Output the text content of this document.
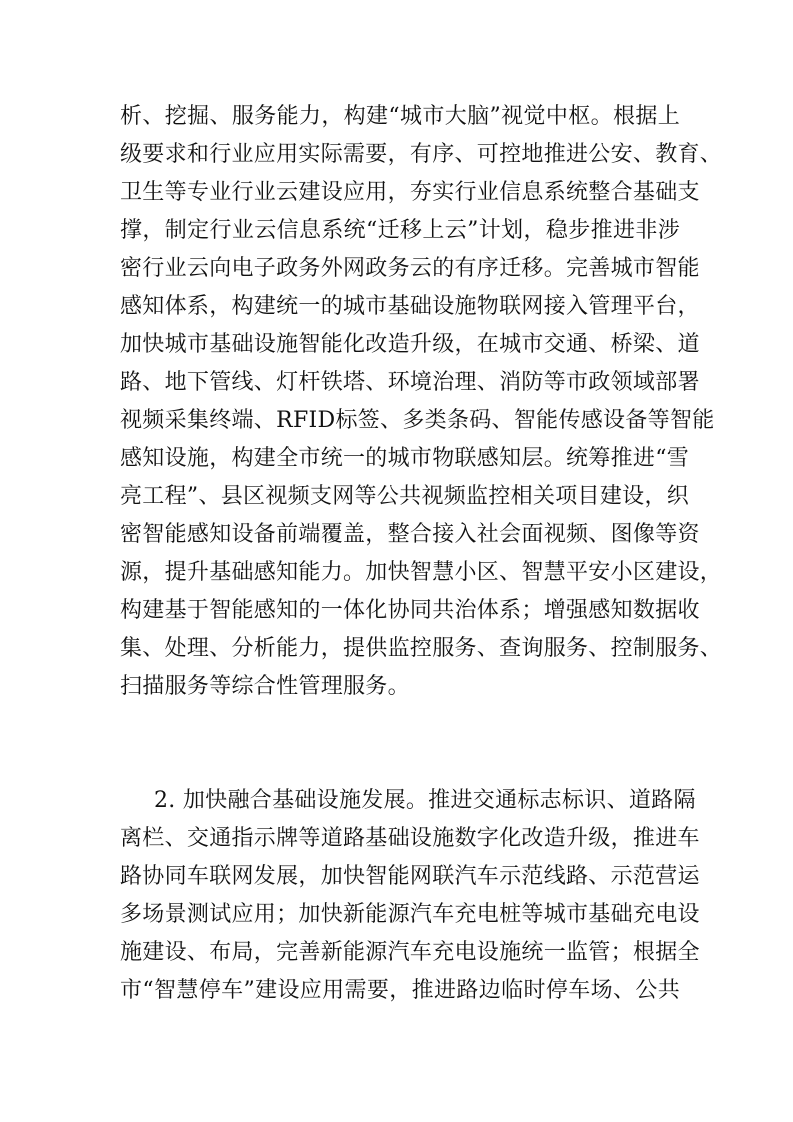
析、挖掘、服务能力，构建“城市大脑”视觉中枢。根据上
级要求和行业应用实际需要，有序、可控地推进公安、教育、
卫生等专业行业云建设应用，夯实行业信息系统整合基础支
撑，制定行业云信息系统“迁移上云”计划，稳步推进非涉
密行业云向电子政务外网政务云的有序迁移。完善城市智能
感知体系，构建统一的城市基础设施物联网接入管理平台，
加快城市基础设施智能化改造升级，在城市交通、桥梁、道
路、地下管线、灯杆铁塔、环境治理、消防等市政领域部署
视频采集终端、RFID标签、多类条码、智能传感设备等智能
感知设施，构建全市统一的城市物联感知层。统筹推进“雪
亮工程”、县区视频支网等公共视频监控相关项目建设，织
密智能感知设备前端覆盖，整合接入社会面视频、图像等资
源，提升基础感知能力。加快智慧小区、智慧平安小区建设，
构建基于智能感知的一体化协同共治体系；增强感知数据收
集、处理、分析能力，提供监控服务、查询服务、控制服务、
扫描服务等综合性管理服务。
2. 加快融合基础设施发展。推进交通标志标识、道路隔
离栏、交通指示牌等道路基础设施数字化改造升级，推进车
路协同车联网发展，加快智能网联汽车示范线路、示范营运
多场景测试应用；加快新能源汽车充电桩等城市基础充电设
施建设、布局，完善新能源汽车充电设施统一监管；根据全
市“智慧停车”建设应用需要，推进路边临时停车场、公共
